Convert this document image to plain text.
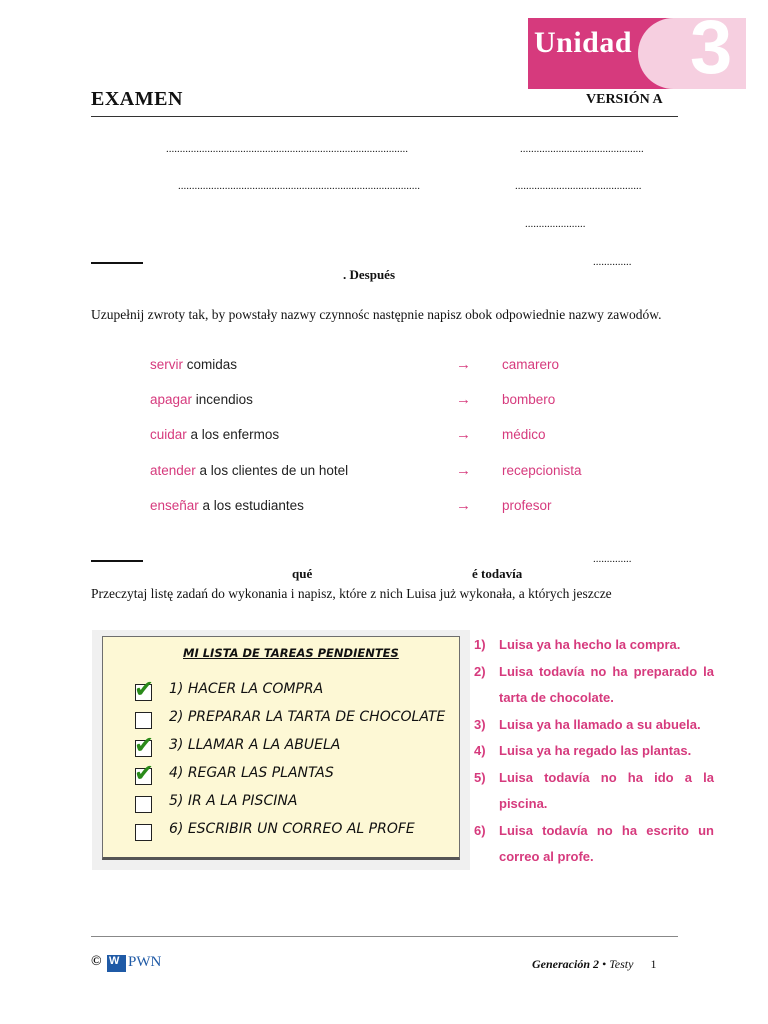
Unidad 3
EXAMEN	VERSIÓN A
........................................................................................	.............................................
........................................................................................	..............................................
......................
..............
. Después
Uzupełnij zwroty tak, by powstały nazwy czynnośc następnie napisz obok odpowiednie nazwy zawodów.
servir comidas	→ camarero
apagar incendios	→ bombero
cuidar a los enfermos	→ médico
atender a los clientes de un hotel	→ recepcionista
enseñar a los estudiantes	→ profesor
..............
qué	é todavía
Przeczytaj listę zadań do wykonania i napisz, które z nich Luisa już wykonała, a których jeszcze
MI LISTA DE TAREAS PENDIENTES
✔ 1) HACER LA COMPRA
2) PREPARAR LA TARTA DE CHOCOLATE
✔ 3) LLAMAR A LA ABUELA
✔ 4) REGAR LAS PLANTAS
5) IR A LA PISCINA
6) ESCRIBIR UN CORREO AL PROFE
1) Luisa ya ha hecho la compra.
2) Luisa todavía no ha preparado la tarta de chocolate.
3) Luisa ya ha llamado a su abuela.
4) Luisa ya ha regado las plantas.
5) Luisa todavía no ha ido a la piscina.
6) Luisa todavía no ha escrito un correo al profe.
© W PWN	Generación 2 • Testy 1
